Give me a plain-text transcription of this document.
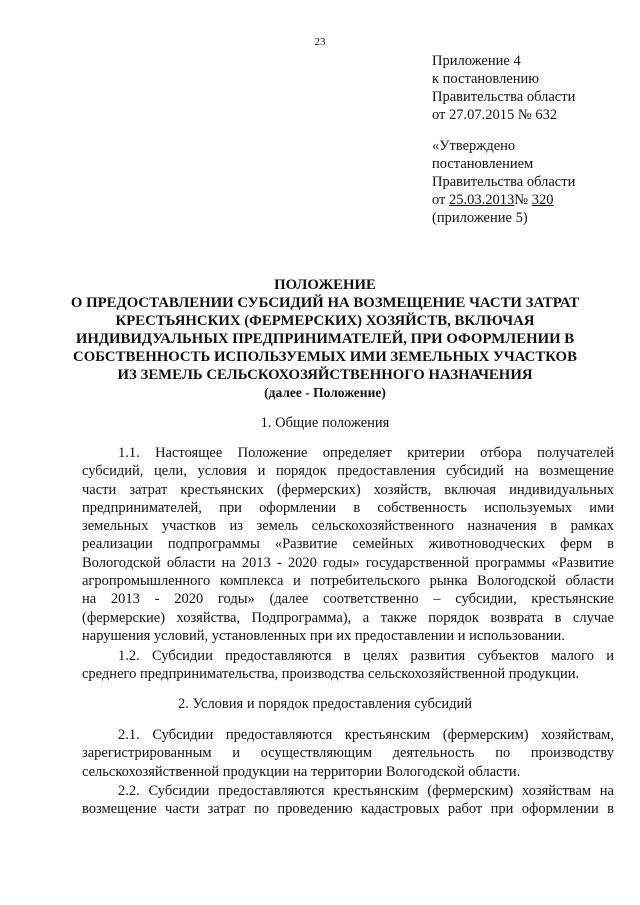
23
Приложение 4
к постановлению
Правительства области
от 27.07.2015 № 632
«Утверждено
постановлением
Правительства области
от 25.03.2013№ 320
(приложение 5)
ПОЛОЖЕНИЕ
О ПРЕДОСТАВЛЕНИИ СУБСИДИЙ НА ВОЗМЕЩЕНИЕ ЧАСТИ ЗАТРАТ
КРЕСТЬЯНСКИХ (ФЕРМЕРСКИХ) ХОЗЯЙСТВ, ВКЛЮЧАЯ
ИНДИВИДУАЛЬНЫХ ПРЕДПРИНИМАТЕЛЕЙ, ПРИ ОФОРМЛЕНИИ В
СОБСТВЕННОСТЬ ИСПОЛЬЗУЕМЫХ ИМИ ЗЕМЕЛЬНЫХ УЧАСТКОВ
ИЗ ЗЕМЕЛЬ СЕЛЬСКОХОЗЯЙСТВЕННОГО НАЗНАЧЕНИЯ
(далее - Положение)
1. Общие положения
1.1. Настоящее Положение определяет критерии отбора получателей
субсидий, цели, условия и порядок предоставления субсидий на возмещение
части затрат крестьянских (фермерских) хозяйств, включая индивидуальных
предпринимателей, при оформлении в собственность используемых ими
земельных участков из земель сельскохозяйственного назначения в рамках
реализации подпрограммы «Развитие семейных животноводческих ферм в
Вологодской области на 2013 - 2020 годы» государственной программы «Развитие
агропромышленного комплекса и потребительского рынка Вологодской области
на 2013 - 2020 годы» (далее соответственно – субсидии, крестьянские
(фермерские) хозяйства, Подпрограмма), а также порядок возврата в случае
нарушения условий, установленных при их предоставлении и использовании.
1.2. Субсидии предоставляются в целях развития субъектов малого и
среднего предпринимательства, производства сельскохозяйственной продукции.
2. Условия и порядок предоставления субсидий
2.1. Субсидии предоставляются крестьянским (фермерским) хозяйствам,
зарегистрированным и осуществляющим деятельность по производству
сельскохозяйственной продукции на территории Вологодской области.
2.2. Субсидии предоставляются крестьянским (фермерским) хозяйствам на
возмещение части затрат по проведению кадастровых работ при оформлении в
